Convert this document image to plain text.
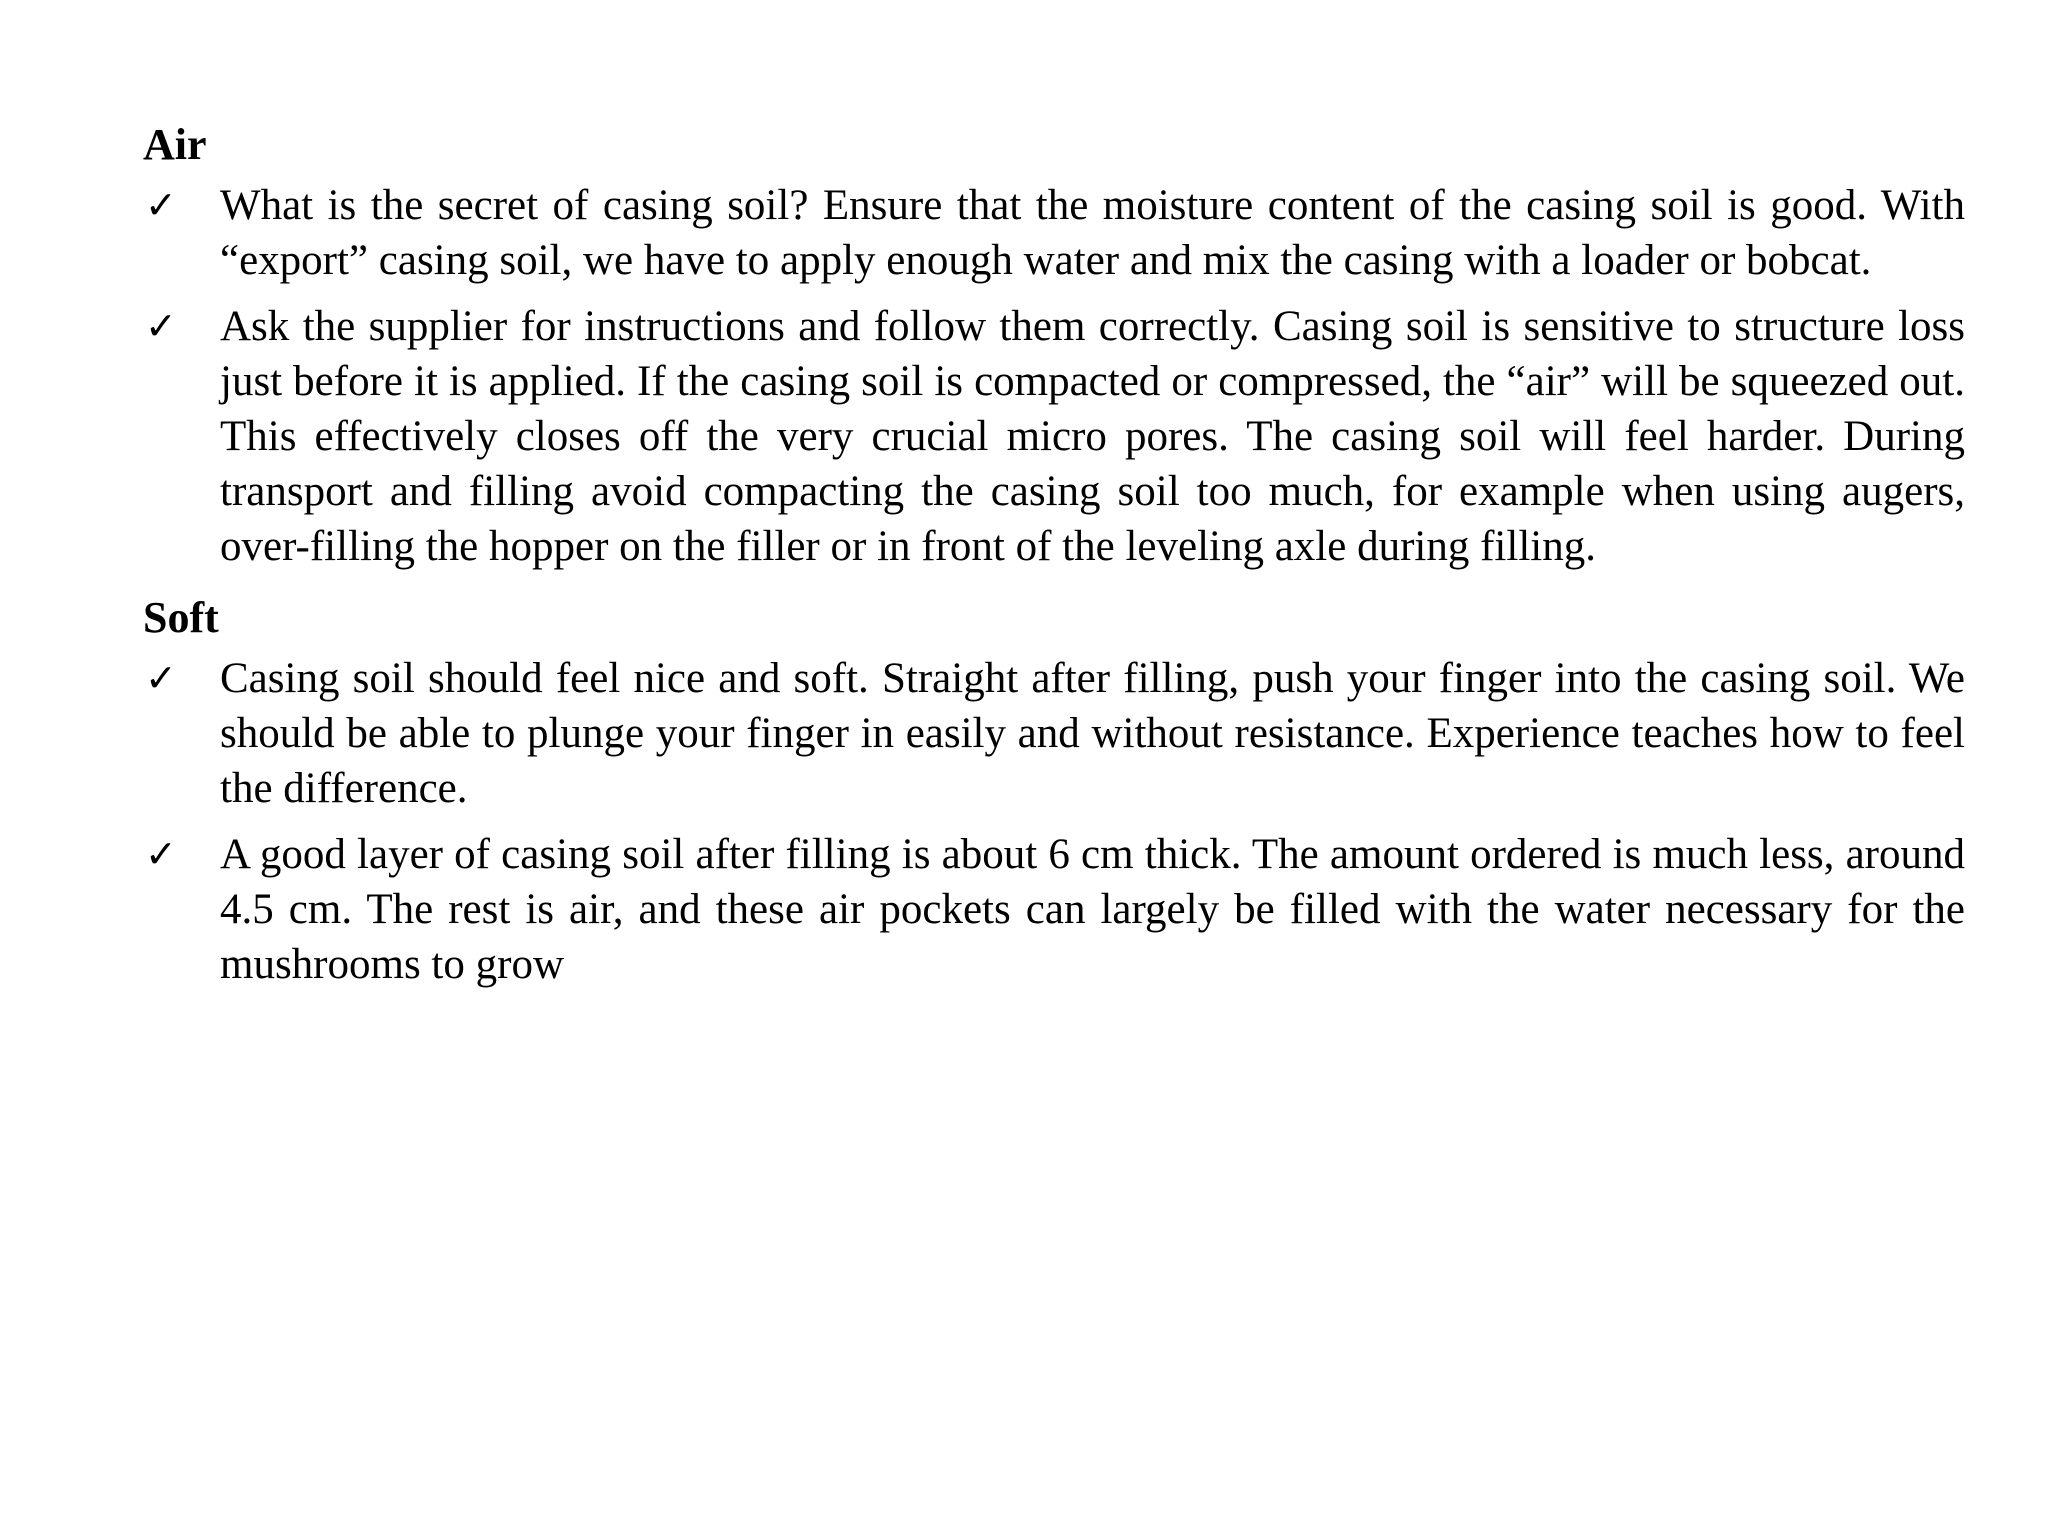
Air
✓ What is the secret of casing soil? Ensure that the moisture content of the casing soil is good. With “export” casing soil, we have to apply enough water and mix the casing with a loader or bobcat.
✓ Ask the supplier for instructions and follow them correctly. Casing soil is sensitive to structure loss just before it is applied. If the casing soil is compacted or compressed, the “air” will be squeezed out. This effectively closes off the very crucial micro pores. The casing soil will feel harder. During transport and filling avoid compacting the casing soil too much, for example when using augers, over-filling the hopper on the filler or in front of the leveling axle during filling.
Soft
✓ Casing soil should feel nice and soft. Straight after filling, push your finger into the casing soil. We should be able to plunge your finger in easily and without resistance. Experience teaches how to feel the difference.
✓ A good layer of casing soil after filling is about 6 cm thick. The amount ordered is much less, around 4.5 cm. The rest is air, and these air pockets can largely be filled with the water necessary for the mushrooms to grow
